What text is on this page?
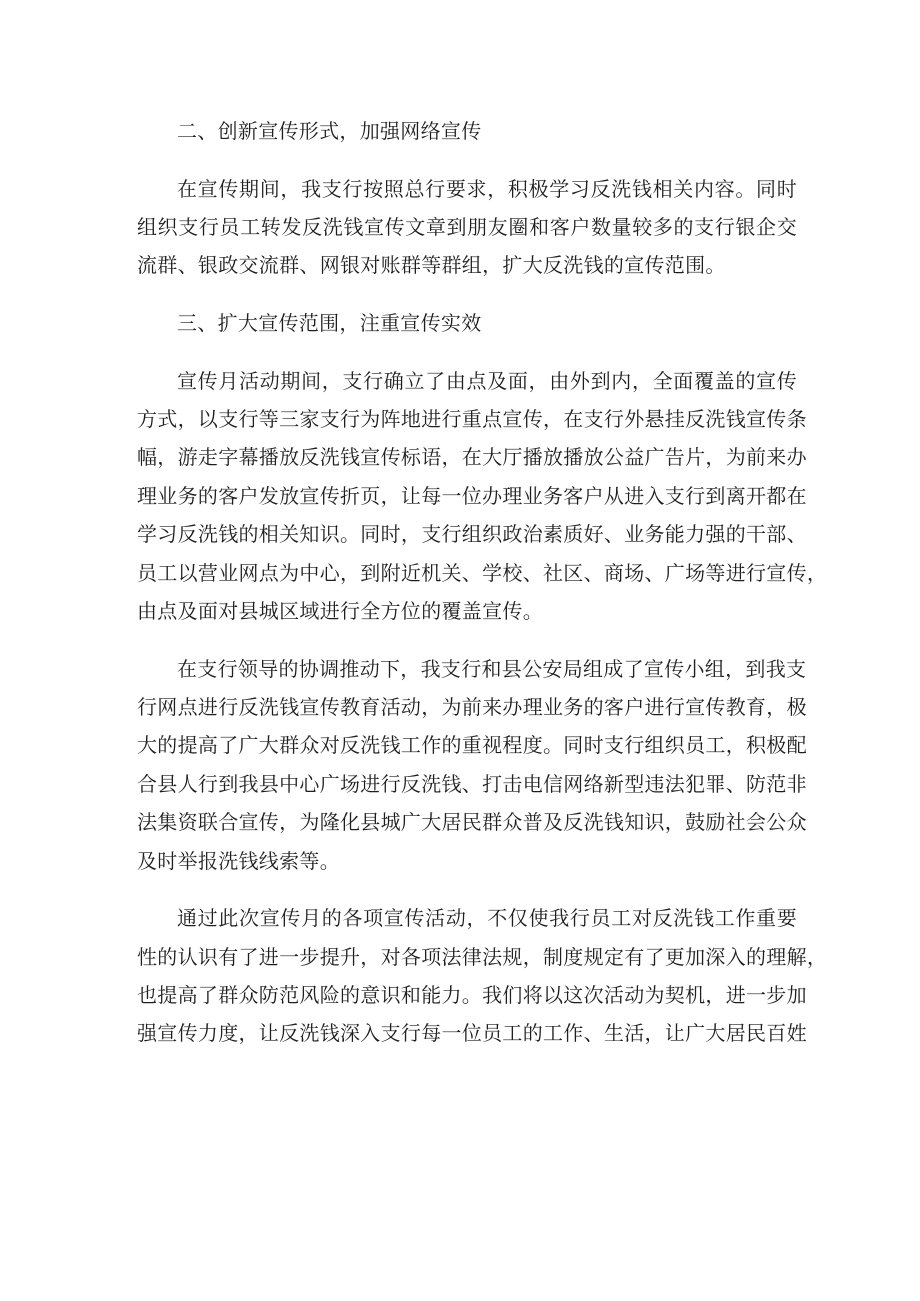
二、创新宣传形式，加强网络宣传
在宣传期间，我支行按照总行要求，积极学习反洗钱相关内容。同时
组织支行员工转发反洗钱宣传文章到朋友圈和客户数量较多的支行银企交
流群、银政交流群、网银对账群等群组，扩大反洗钱的宣传范围。
三、扩大宣传范围，注重宣传实效
宣传月活动期间，支行确立了由点及面，由外到内，全面覆盖的宣传
方式，以支行等三家支行为阵地进行重点宣传，在支行外悬挂反洗钱宣传条
幅，游走字幕播放反洗钱宣传标语，在大厅播放播放公益广告片，为前来办
理业务的客户发放宣传折页，让每一位办理业务客户从进入支行到离开都在
学习反洗钱的相关知识。同时，支行组织政治素质好、业务能力强的干部、
员工以营业网点为中心，到附近机关、学校、社区、商场、广场等进行宣传，
由点及面对县城区域进行全方位的覆盖宣传。
在支行领导的协调推动下，我支行和县公安局组成了宣传小组，到我支
行网点进行反洗钱宣传教育活动，为前来办理业务的客户进行宣传教育，极
大的提高了广大群众对反洗钱工作的重视程度。同时支行组织员工，积极配
合县人行到我县中心广场进行反洗钱、打击电信网络新型违法犯罪、防范非
法集资联合宣传，为隆化县城广大居民群众普及反洗钱知识，鼓励社会公众
及时举报洗钱线索等。
通过此次宣传月的各项宣传活动，不仅使我行员工对反洗钱工作重要
性的认识有了进一步提升，对各项法律法规，制度规定有了更加深入的理解，
也提高了群众防范风险的意识和能力。我们将以这次活动为契机，进一步加
强宣传力度，让反洗钱深入支行每一位员工的工作、生活，让广大居民百姓
